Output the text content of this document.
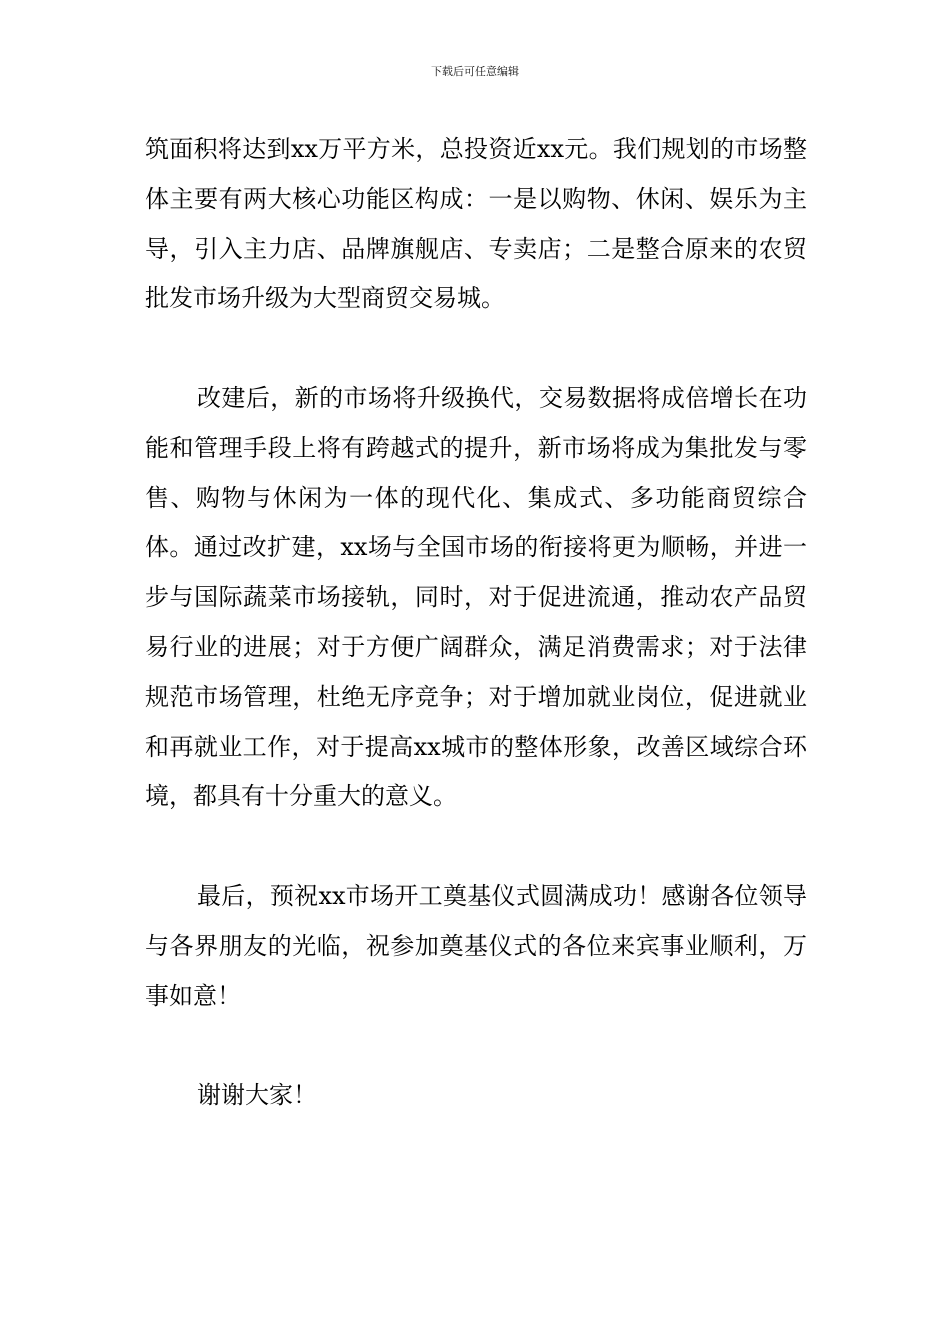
下载后可任意编辑

筑面积将达到xx万平方米，总投资近xx元。我们规划的市场整体主要有两大核心功能区构成：一是以购物、休闲、娱乐为主导，引入主力店、品牌旗舰店、专卖店；二是整合原来的农贸批发市场升级为大型商贸交易城。

改建后，新的市场将升级换代，交易数据将成倍增长在功能和管理手段上将有跨越式的提升，新市场将成为集批发与零售、购物与休闲为一体的现代化、集成式、多功能商贸综合体。通过改扩建，xx场与全国市场的衔接将更为顺畅，并进一步与国际蔬菜市场接轨，同时，对于促进流通，推动农产品贸易行业的进展；对于方便广阔群众，满足消费需求；对于法律规范市场管理，杜绝无序竞争；对于增加就业岗位，促进就业和再就业工作，对于提高xx城市的整体形象，改善区域综合环境，都具有十分重大的意义。

最后，预祝xx市场开工奠基仪式圆满成功！感谢各位领导与各界朋友的光临，祝参加奠基仪式的各位来宾事业顺利，万事如意！

谢谢大家！
